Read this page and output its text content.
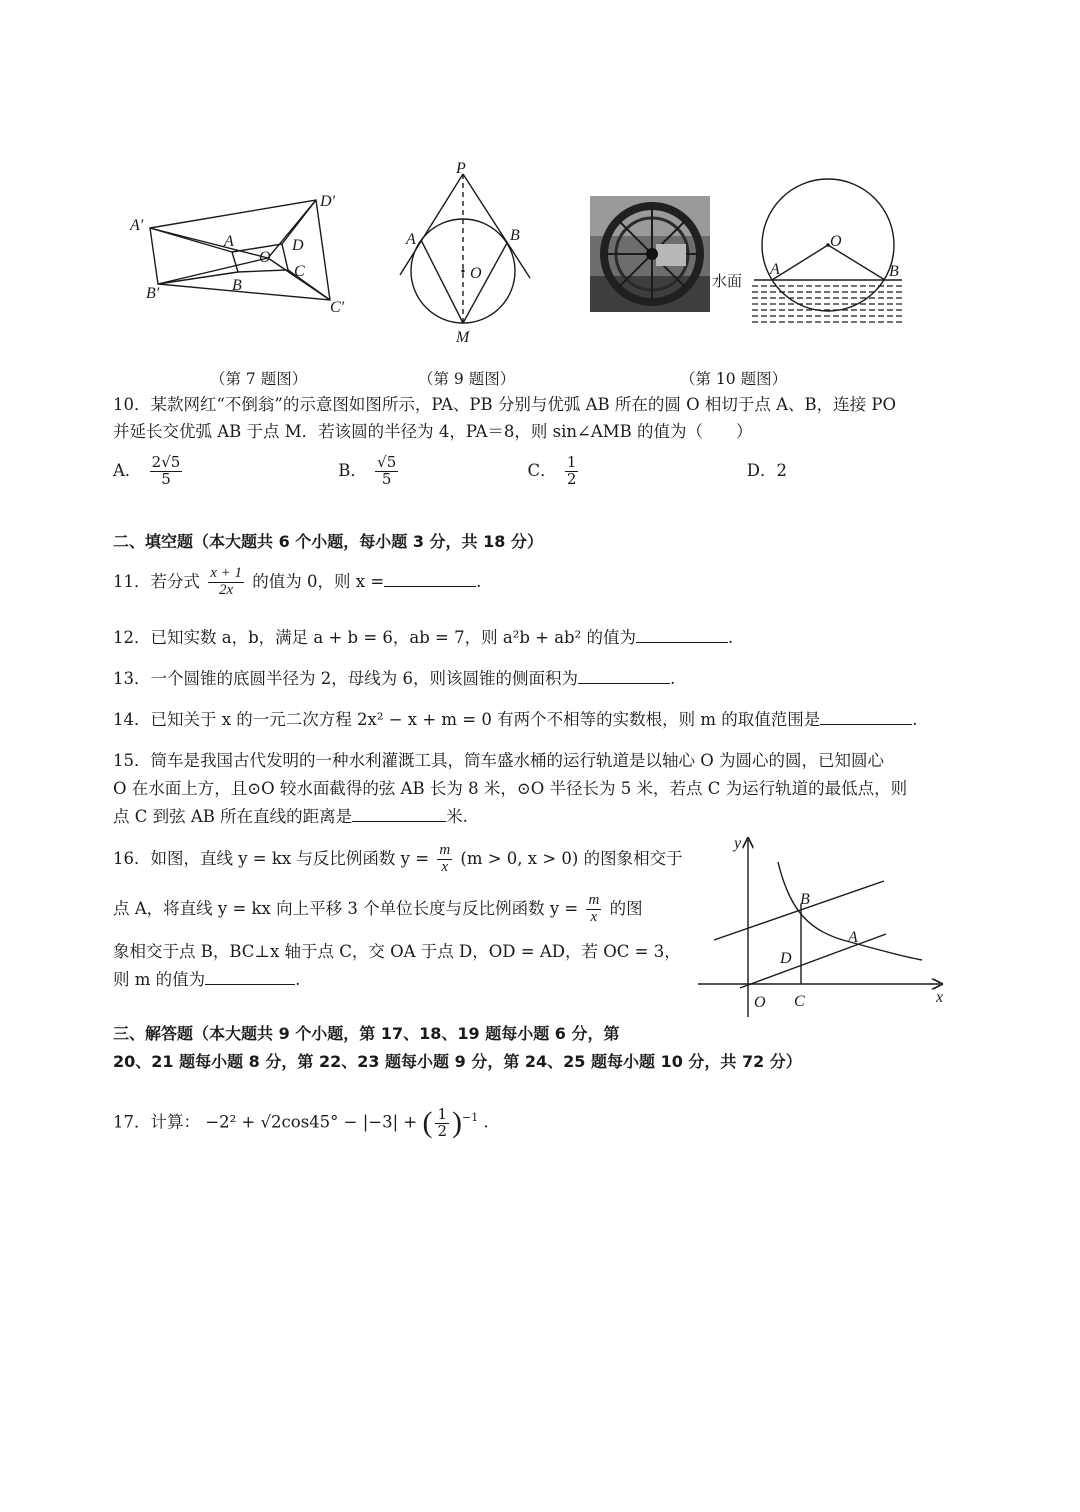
A′
D′
A
O
D
C
B′	B
C′
（第 7 题图）
P
A	B
O
M
（第 9 题图）
O
A	B
水面
（第 10 题图）
10．某款网红“不倒翁”的示意图如图所示，PA、PB 分别与优弧 AB 所在的圆 O 相切于点 A、B，连接 PO
并延长交优弧 AB 于点 M．若该圆的半径为 4，PA＝8，则 sin∠AMB 的值为（　　）
A． $\frac{2√5}{5}$	B． $\frac{√5}{5}$	C． $\frac{1}{2}$	D．2
二、填空题（本大题共 6 个小题，每小题 3 分，共 18 分）
11．若分式 $\frac{x + 1}{2x}$ 的值为 0，则 x =	.
12．已知实数 a，b，满足 a + b = 6，ab = 7，则 a²b + ab² 的值为	.
13．一个圆锥的底圆半径为 2，母线为 6，则该圆锥的侧面积为	.
14．已知关于 x 的一元二次方程 2x² − x + m = 0 有两个不相等的实数根，则 m 的取值范围是	.
15．筒车是我国古代发明的一种水利灌溉工具，筒车盛水桶的运行轨道是以轴心 O 为圆心的圆，已知圆心
O 在水面上方，且⊙O 较水面截得的弦 AB 长为 8 米，⊙O 半径长为 5 米，若点 C 为运行轨道的最低点，则
点 C 到弦 AB 所在直线的距离是	米.
16．如图，直线 y = kx 与反比例函数 $y = \frac{m}{x} (m > 0$, x > 0) 的图象相交于
点 A，将直线 y = kx 向上平移 3 个单位长度与反比例函数 $y = \frac{m}{x}$ 的图
象相交于点 B，BC⊥x 轴于点 C，交 OA 于点 D，OD = AD，若 OC = 3，
则 m 的值为	.
y
x
O C
B
A
D
三、解答题（本大题共 9 个小题，第 17、18、19 题每小题 6 分，第
20、21 题每小题 8 分，第 22、23 题每小题 9 分，第 24、25 题每小题 10 分，共 72 分）
17．计算： −2² + √2cos45° − |−3| + ( $\frac{1}{2} )^{-1}$ .
